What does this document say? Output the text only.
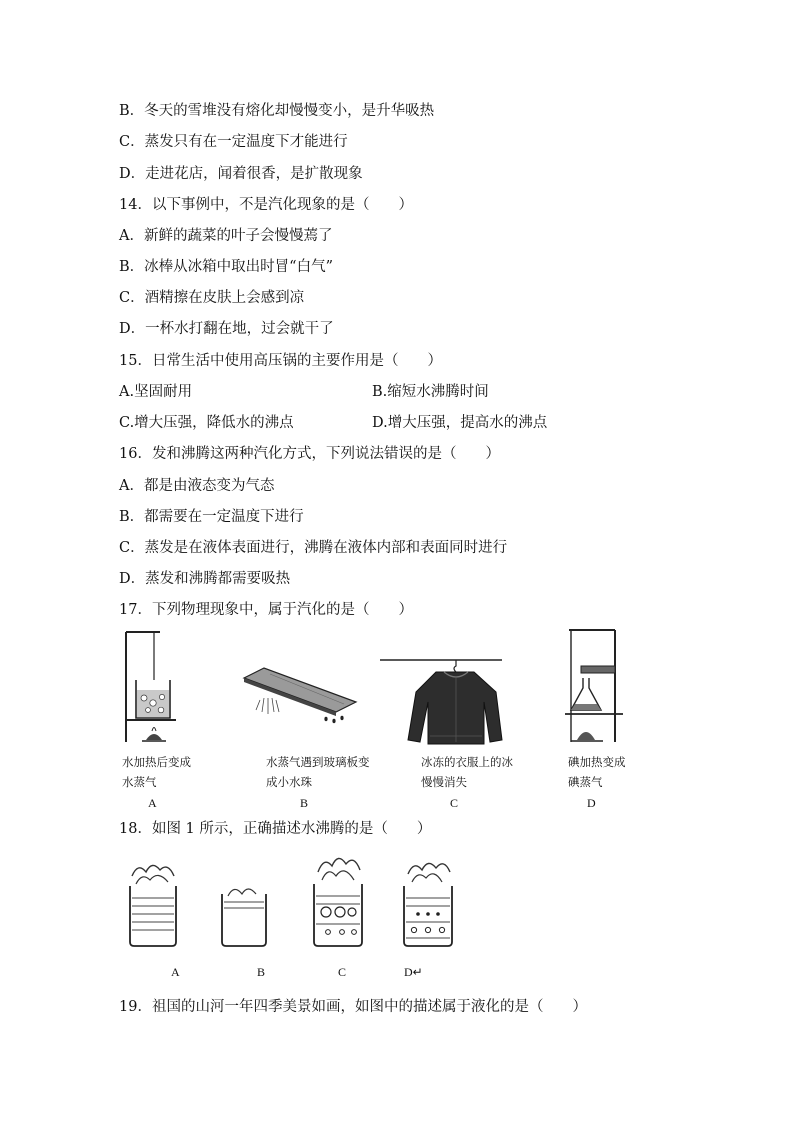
B．冬天的雪堆没有熔化却慢慢变小，是升华吸热
C．蒸发只有在一定温度下才能进行
D．走进花店，闻着很香，是扩散现象
14．以下事例中，不是汽化现象的是（　　）
A．新鲜的蔬菜的叶子会慢慢蔫了
B．冰棒从冰箱中取出时冒“白气”
C．酒精擦在皮肤上会感到凉
D．一杯水打翻在地，过会就干了
15．日常生活中使用高压锅的主要作用是（　　）
A.坚固耐用	B.缩短水沸腾时间
C.增大压强，降低水的沸点	D.增大压强，提高水的沸点
16．发和沸腾这两种汽化方式，下列说法错误的是（　　）
A．都是由液态变为气态
B．都需要在一定温度下进行
C．蒸发是在液体表面进行，沸腾在液体内部和表面同时进行
D．蒸发和沸腾都需要吸热
17．下列物理现象中，属于汽化的是（　　）
水加热后变成
水蒸气
A
水蒸气遇到玻璃板变
成小水珠
B
冰冻的衣服上的冰
慢慢消失
C
碘加热变成
碘蒸气
D
18．如图 1 所示，正确描述水沸腾的是（　　）
A	B	C	D↵
19．祖国的山河一年四季美景如画，如图中的描述属于液化的是（　　）
